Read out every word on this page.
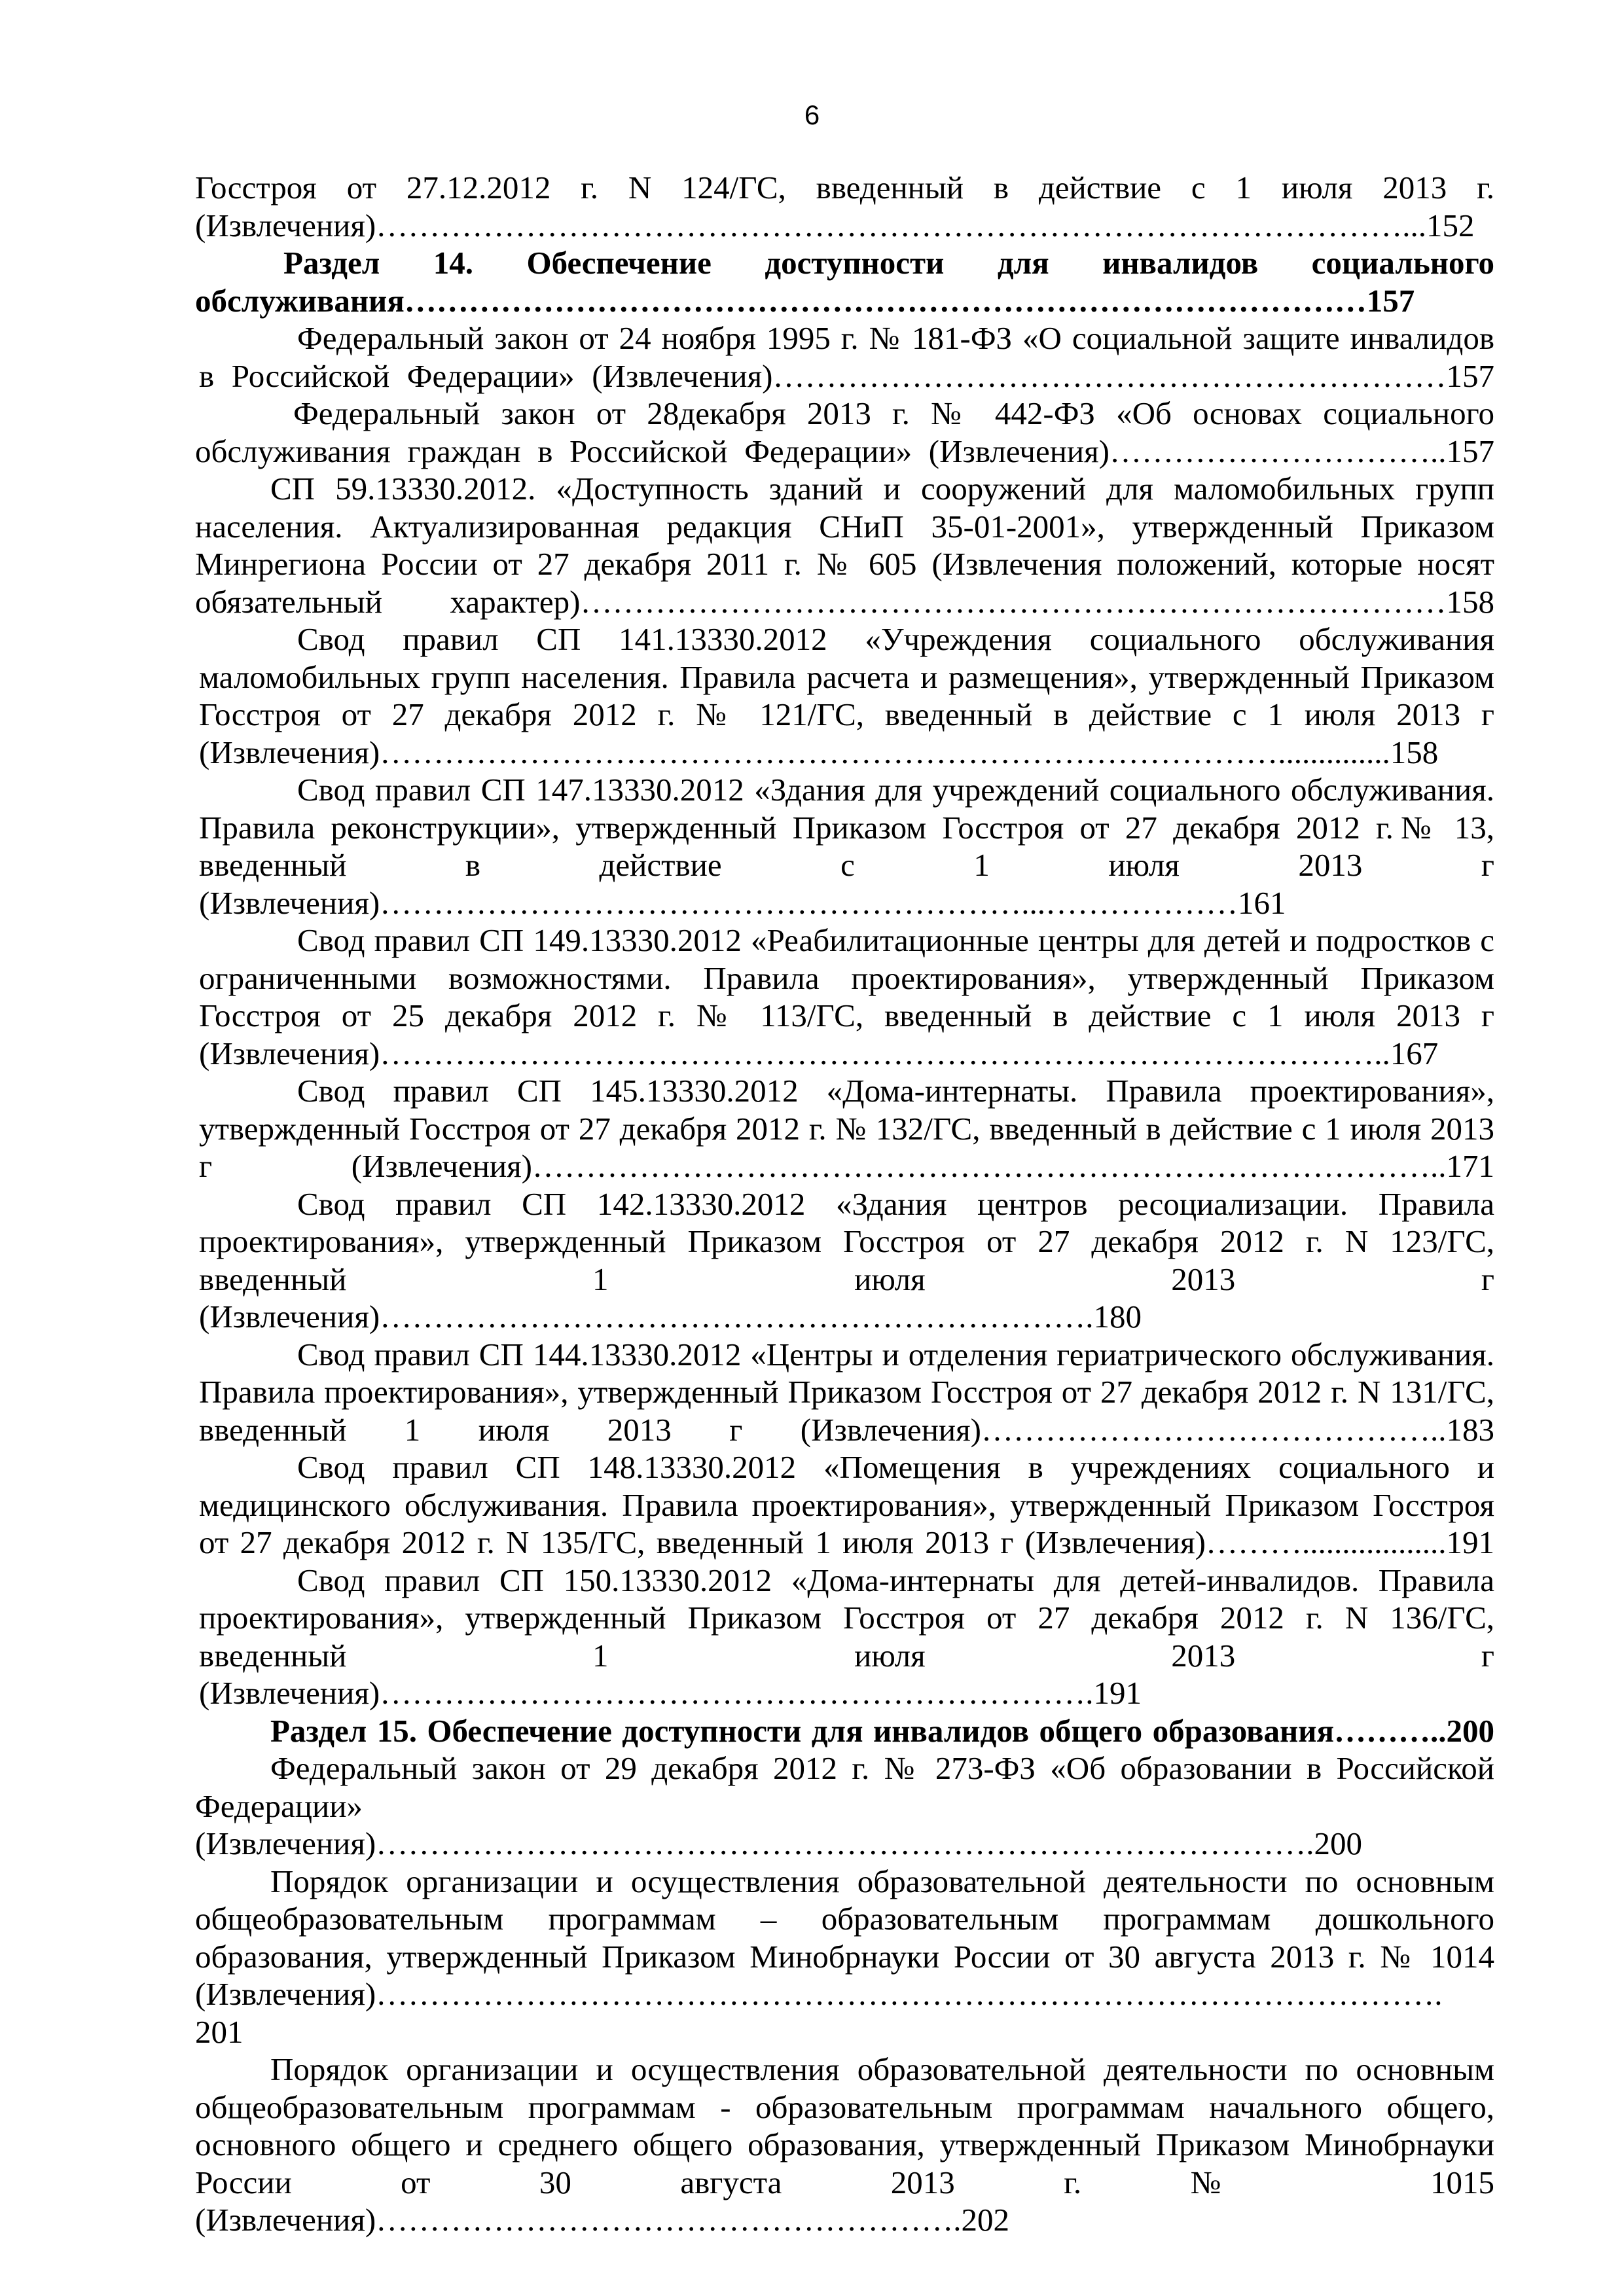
6

Госстроя от 27.12.2012 г. N 124/ГС, введенный в действие с 1 июля 2013 г. (Извлечения)……………………………………………………………………………………...152

Раздел 14. Обеспечение доступности для инвалидов социального обслуживания………………………………………………………………………………157

Федеральный закон от 24 ноября 1995 г. № 181-ФЗ «О социальной защите инвалидов в Российской Федерации» (Извлечения)………………………………………………………157

Федеральный закон от 28декабря 2013 г. № 442-ФЗ «Об основах социального обслуживания граждан в Российской Федерации» (Извлечения)…………………………..157

СП 59.13330.2012. «Доступность зданий и сооружений для маломобильных групп населения. Актуализированная редакция СНиП 35-01-2001», утвержденный Приказом Минрегиона России от 27 декабря 2011 г. № 605 (Извлечения положений, которые носят обязательный характер)………………………………………………………………………158

Свод правил СП 141.13330.2012 «Учреждения социального обслуживания маломобильных групп населения. Правила расчета и размещения», утвержденный Приказом Госстроя от 27 декабря 2012 г. № 121/ГС, введенный в действие с 1 июля 2013 г (Извлечения)…………………………………………………………………………..............158

Свод правил СП 147.13330.2012 «Здания для учреждений социального обслуживания. Правила реконструкции», утвержденный Приказом Госстроя от 27 декабря 2012 г.№ 13, введенный в действие с 1 июля 2013 г (Извлечения)……………………………………………………...………………161

Свод правил СП 149.13330.2012 «Реабилитационные центры для детей и подростков с ограниченными возможностями. Правила проектирования», утвержденный Приказом Госстроя от 25 декабря 2012 г. № 113/ГС, введенный в действие с 1 июля 2013 г (Извлечения)…………………………………………………………………………………..167

Свод правил СП 145.13330.2012 «Дома-интернаты. Правила проектирования», утвержденный Госстроя от 27 декабря 2012 г. № 132/ГС, введенный в действие с 1 июля 2013 г (Извлечения)…………………………………………………………………………..171

Свод правил СП 142.13330.2012 «Здания центров ресоциализации. Правила проектирования», утвержденный Приказом Госстроя от 27 декабря 2012 г. N 123/ГС, введенный 1 июля 2013 г (Извлечения)………………………………………………………….180

Свод правил СП 144.13330.2012 «Центры и отделения гериатрического обслуживания. Правила проектирования», утвержденный Приказом Госстроя от 27 декабря 2012 г. N 131/ГС, введенный 1 июля 2013 г (Извлечения)……………………………………..183

Свод правил СП 148.13330.2012 «Помещения в учреждениях социального и медицинского обслуживания. Правила проектирования», утвержденный Приказом Госстроя от 27 декабря 2012 г. N 135/ГС, введенный 1 июля 2013 г (Извлечения)………..................191

Свод правил СП 150.13330.2012 «Дома-интернаты для детей-инвалидов. Правила проектирования», утвержденный Приказом Госстроя от 27 декабря 2012 г. N 136/ГС, введенный 1 июля 2013 г (Извлечения)………………………………………………………….191

Раздел 15. Обеспечение доступности для инвалидов общего образования………..200

Федеральный закон от 29 декабря 2012 г. № 273-ФЗ «Об образовании в Российской Федерации» (Извлечения)…………………………………………………………………………….200

Порядок организации и осуществления образовательной деятельности по основным общеобразовательным программам – образовательным программам дошкольного образования, утвержденный Приказом Минобрнауки России от 30 августа 2013 г. № 1014 (Извлечения)………………………………………………………………………………………. 201

Порядок организации и осуществления образовательной деятельности по основным общеобразовательным программам - образовательным программам начального общего, основного общего и среднего общего образования, утвержденный Приказом Минобрнауки России от 30 августа 2013 г. № 1015 (Извлечения)……………………………………………….202
